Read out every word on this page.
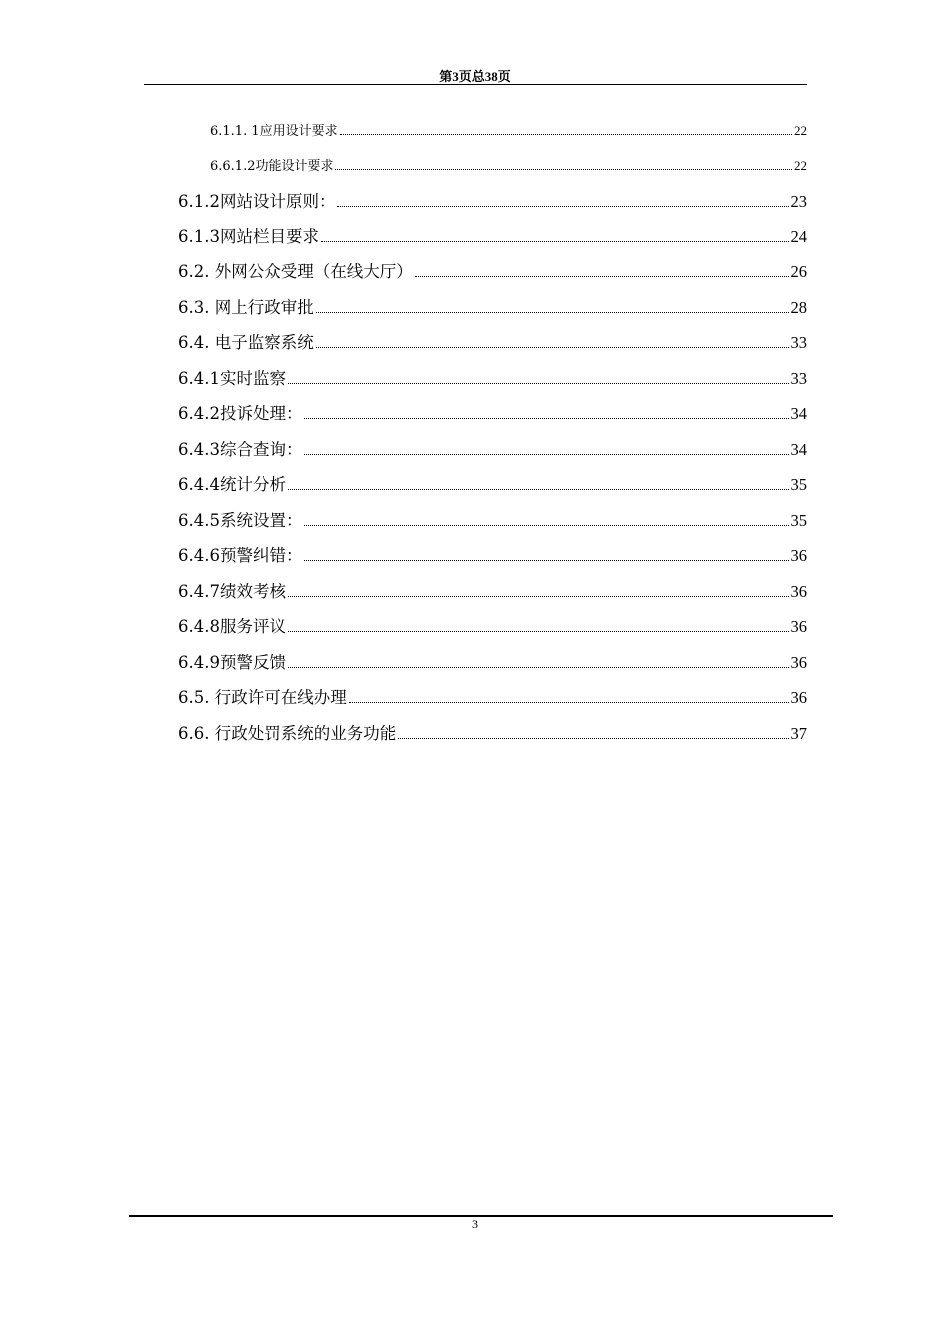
第3页总38页
6.1.1. 1应用设计要求	22
6.6.1.2功能设计要求	22
6.1.2网站设计原则：	23
6.1.3网站栏目要求	24
6.2. 外网公众受理（在线大厅）	26
6.3. 网上行政审批	28
6.4. 电子监察系统	33
6.4.1实时监察	33
6.4.2投诉处理：	34
6.4.3综合查询：	34
6.4.4统计分析	35
6.4.5系统设置：	35
6.4.6预警纠错：	36
6.4.7绩效考核	36
6.4.8服务评议	36
6.4.9预警反馈	36
6.5. 行政许可在线办理	36
6.6. 行政处罚系统的业务功能	37
3
